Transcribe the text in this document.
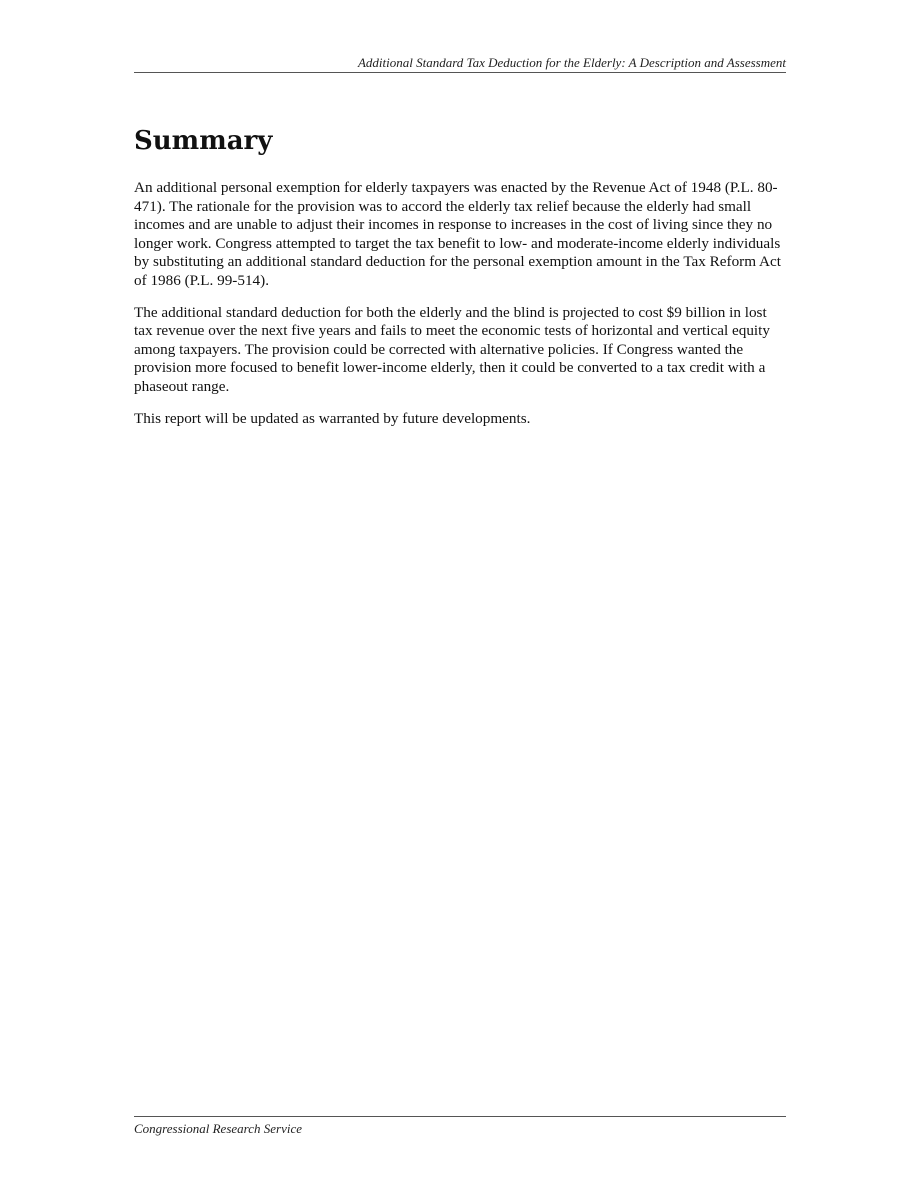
Additional Standard Tax Deduction for the Elderly: A Description and Assessment
Summary

An additional personal exemption for elderly taxpayers was enacted by the Revenue Act of 1948 (P.L. 80-471). The rationale for the provision was to accord the elderly tax relief because the elderly had small incomes and are unable to adjust their incomes in response to increases in the cost of living since they no longer work. Congress attempted to target the tax benefit to low- and moderate-income elderly individuals by substituting an additional standard deduction for the personal exemption amount in the Tax Reform Act of 1986 (P.L. 99-514).

The additional standard deduction for both the elderly and the blind is projected to cost $9 billion in lost tax revenue over the next five years and fails to meet the economic tests of horizontal and vertical equity among taxpayers. The provision could be corrected with alternative policies. If Congress wanted the provision more focused to benefit lower-income elderly, then it could be converted to a tax credit with a phaseout range.

This report will be updated as warranted by future developments.

Congressional Research Service
